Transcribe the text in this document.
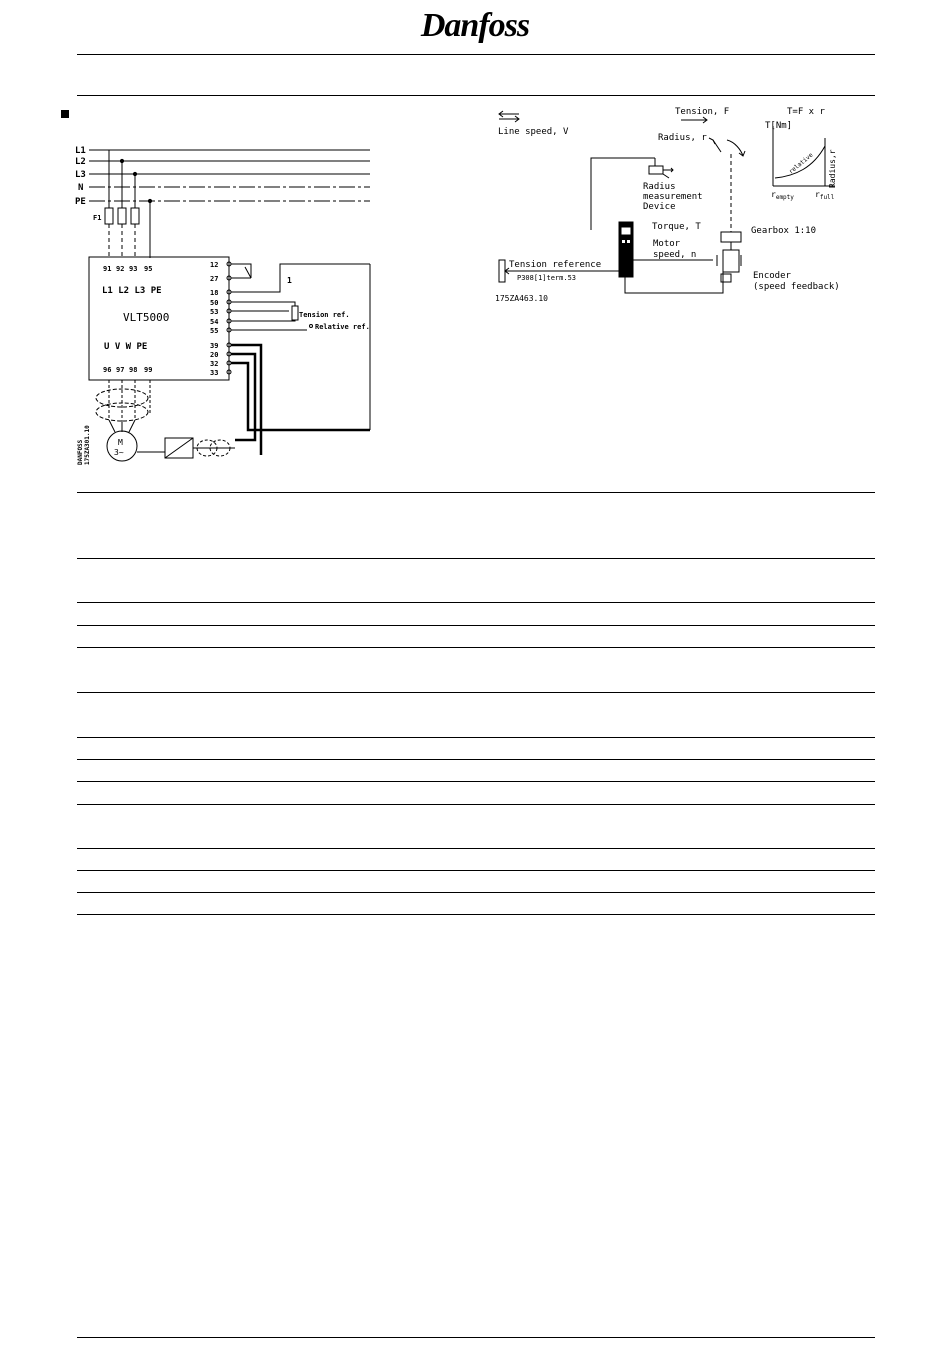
Danfoss
L1
L2
L3
N
PE
F1
91 92 93 95
L1 L2 L3 PE
VLT5000
12
27
18
50
53
54
55
39
20
32
33
1
Tension ref.
Relative ref.
U V W PE
96 97 98 99
M
3~
DANFOSS 175ZA301.10
Line speed, V
Tension, F	T=F x r
T[Nm]
Radius, r
relative Radius,r
$r_{empty}$	$r_{full}$
Radius
measurement
Device
Torque, T
Motor
speed, n
Gearbox 1:10
Tension reference
P308[1]term.53	Encoder
(speed feedback)
175ZA463.10
